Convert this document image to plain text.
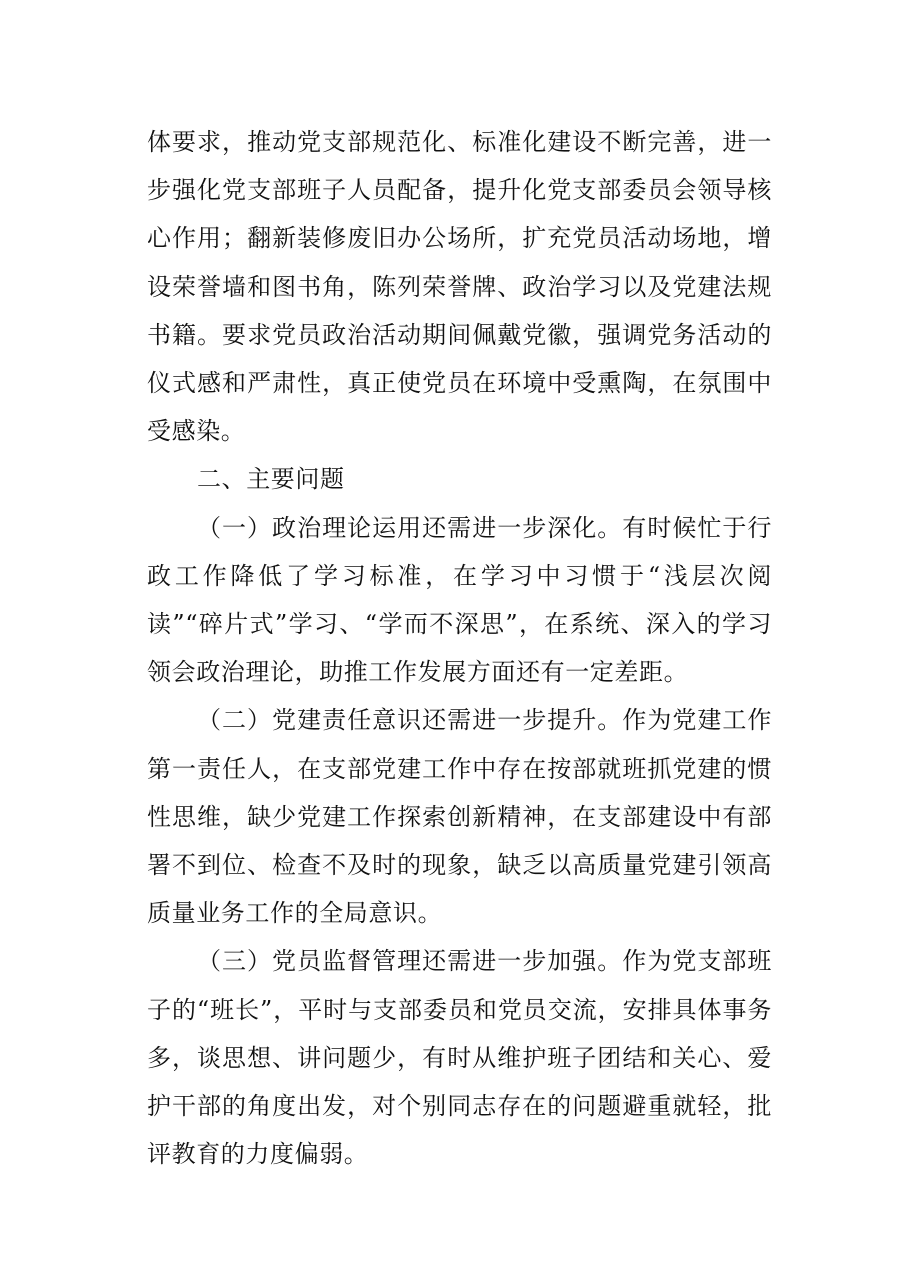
体要求，推动党支部规范化、标准化建设不断完善，进一步强化党支部班子人员配备，提升化党支部委员会领导核心作用；翻新装修废旧办公场所，扩充党员活动场地，增设荣誉墙和图书角，陈列荣誉牌、政治学习以及党建法规书籍。要求党员政治活动期间佩戴党徽，强调党务活动的仪式感和严肃性，真正使党员在环境中受熏陶，在氛围中受感染。

二、主要问题

（一）政治理论运用还需进一步深化。有时候忙于行政工作降低了学习标准，在学习中习惯于“浅层次阅读”“碎片式”学习、“学而不深思”，在系统、深入的学习领会政治理论，助推工作发展方面还有一定差距。

（二）党建责任意识还需进一步提升。作为党建工作第一责任人，在支部党建工作中存在按部就班抓党建的惯性思维，缺少党建工作探索创新精神，在支部建设中有部署不到位、检查不及时的现象，缺乏以高质量党建引领高质量业务工作的全局意识。

（三）党员监督管理还需进一步加强。作为党支部班子的“班长”，平时与支部委员和党员交流，安排具体事务多，谈思想、讲问题少，有时从维护班子团结和关心、爱护干部的角度出发，对个别同志存在的问题避重就轻，批评教育的力度偏弱。
